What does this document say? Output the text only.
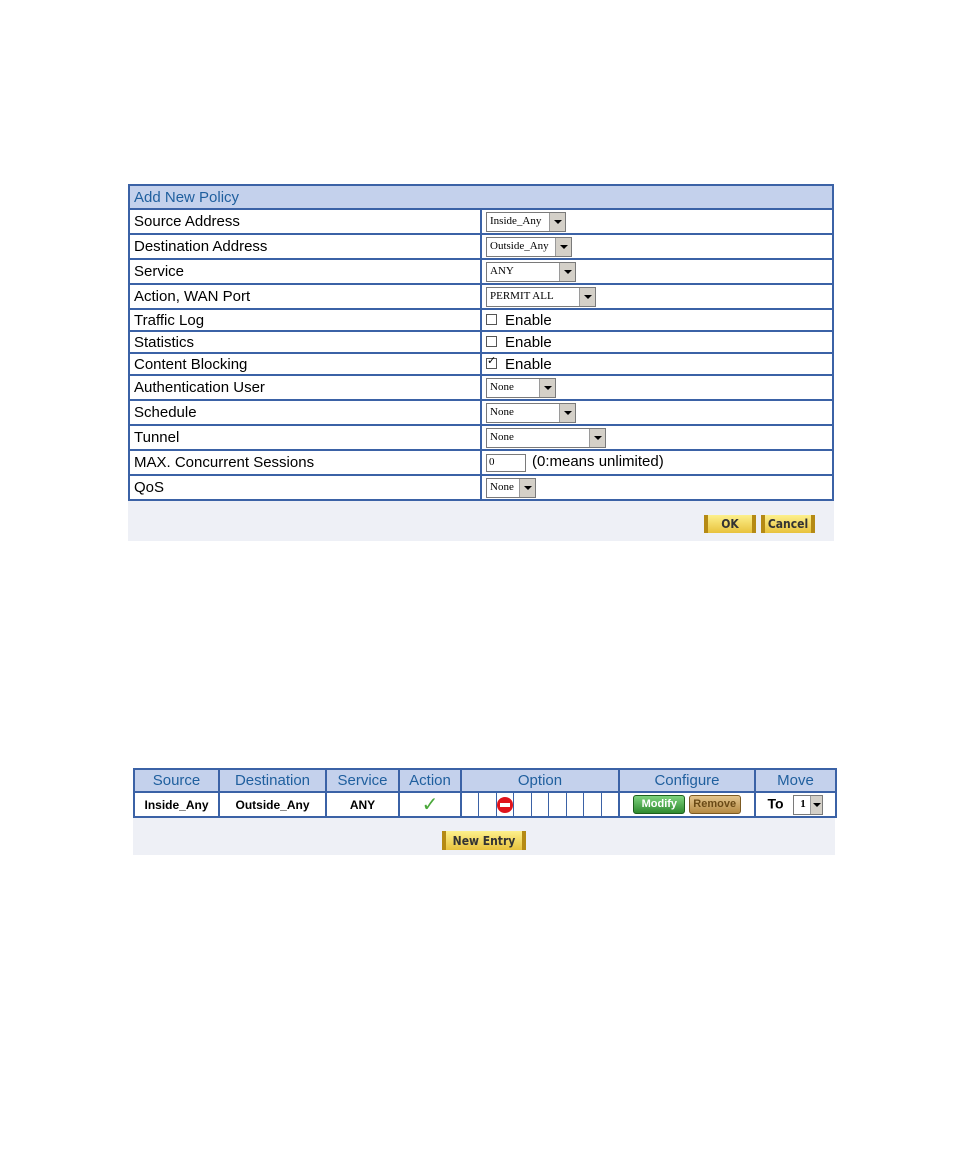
Add New Policy	
Source Address	Inside_Any

Destination Address	Outside_Any

Service	ANY

Action, WAN Port	PERMIT ALL

Traffic Log	Enable
Statistics	Enable
Content Blocking	✓Enable
Authentication User	None

Schedule	None

Tunnel	None

MAX. Concurrent Sessions	0 (0:means unlimited)
QoS	None
OK	Cancel
Source	Destination	Service	Action	Option	Configure	Move
Inside_Any	Outside_Any	ANY	✓		Modify Remove	To 1
New Entry
